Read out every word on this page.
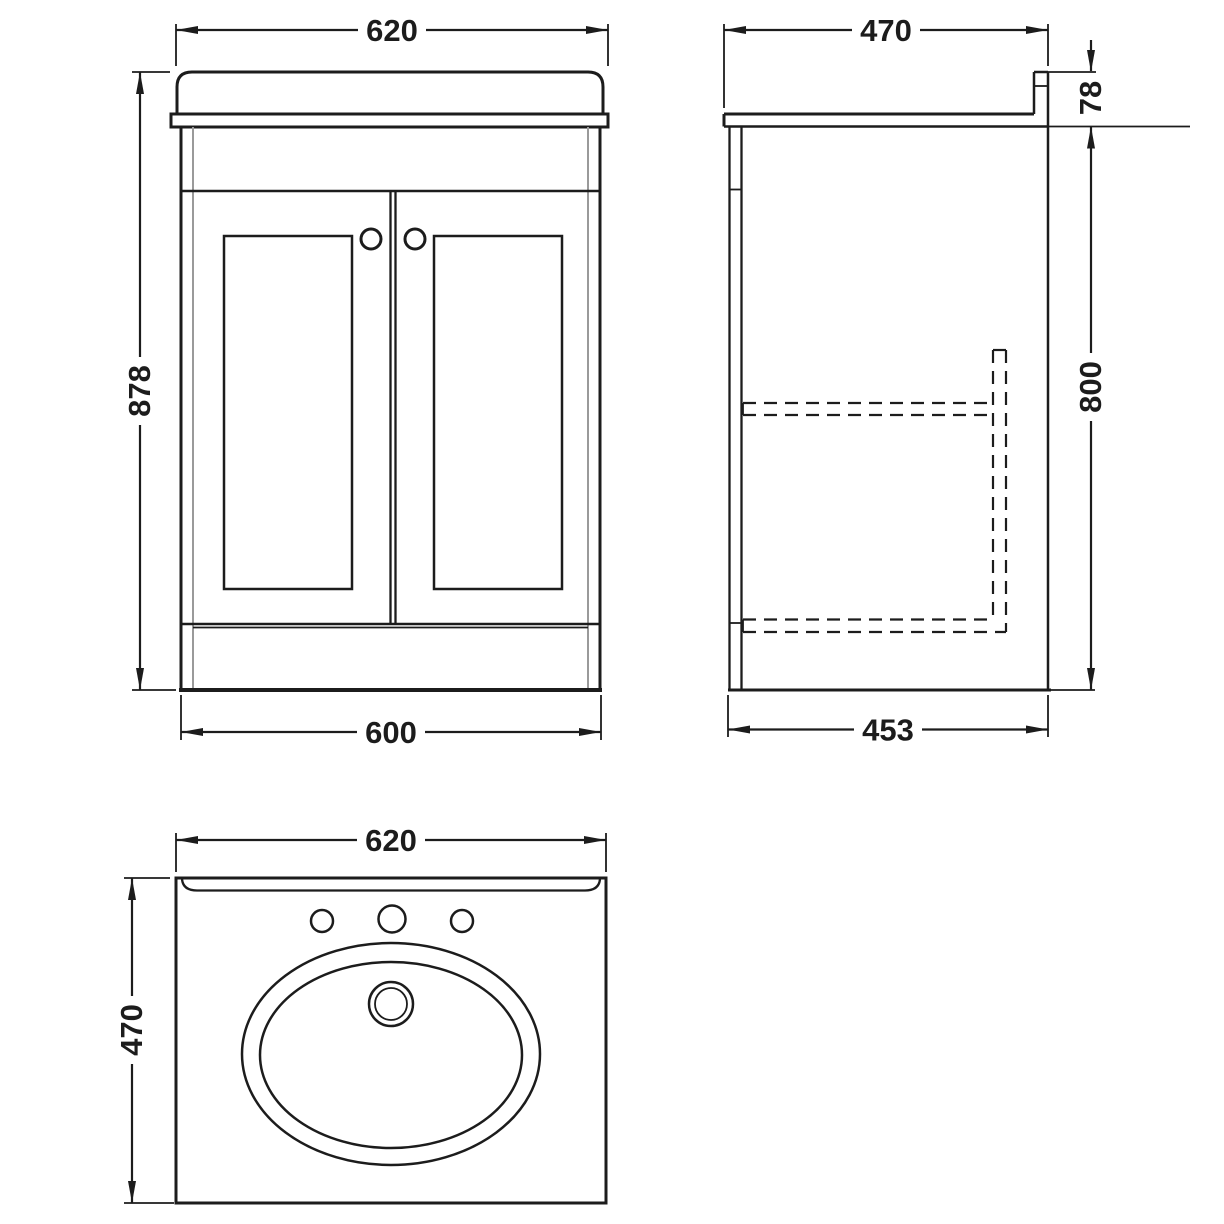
620
878
600
470
78
800
453
620
470
